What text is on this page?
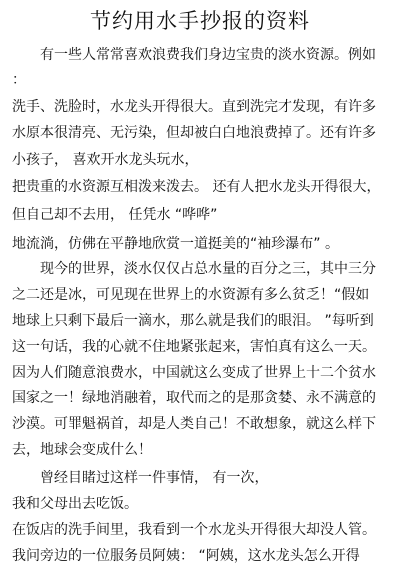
节约用水手抄报的资料
有一些人常常喜欢浪费我们身边宝贵的淡水资源。例如
：
洗手、洗脸时，水龙头开得很大。直到洗完才发现，有许多
水原本很清亮、无污染，但却被白白地浪费掉了。还有许多
小孩子， 喜欢开水龙头玩水，
把贵重的水资源互相泼来泼去。 还有人把水龙头开得很大，
但自己却不去用， 任凭水 “哗哗”
地流淌，仿佛在平静地欣赏一道挺美的“袖珍瀑布” 。
现今的世界，淡水仅仅占总水量的百分之三，其中三分
之二还是冰，可见现在世界上的水资源有多么贫乏！“假如
地球上只剩下最后一滴水，那么就是我们的眼泪。 ”每听到
这一句话，我的心就不住地紧张起来，害怕真有这么一天。
因为人们随意浪费水，中国就这么变成了世界上十二个贫水
国家之一！绿地消融着，取代而之的是那贪婪、永不满意的
沙漠。可罪魁祸首，却是人类自己！不敢想象，就这么样下
去，地球会变成什么！
曾经目睹过这样一件事情， 有一次，
我和父母出去吃饭。
在饭店的洗手间里，我看到一个水龙头开得很大却没人管。
我问旁边的一位服务员阿姨： “阿姨，这水龙头怎么开得
